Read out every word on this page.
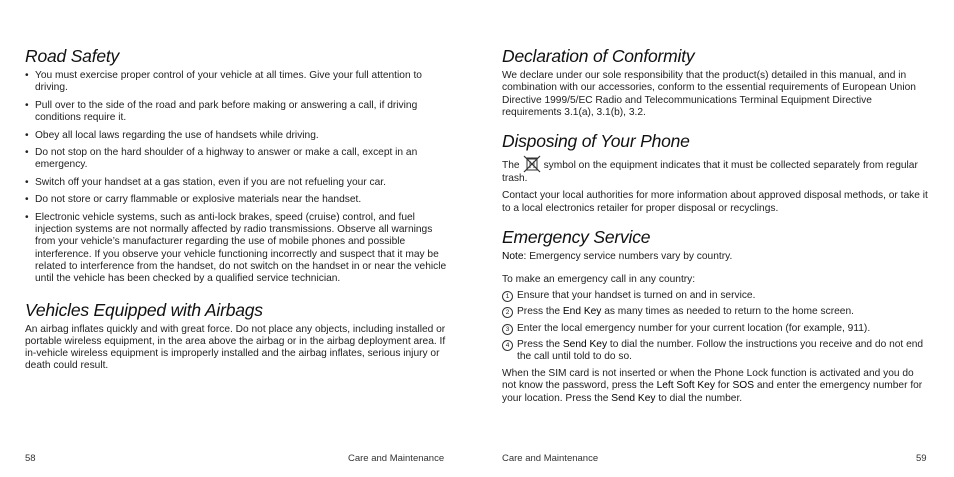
Road Safety
• You must exercise proper control of your vehicle at all times. Give your full attention to driving.
• Pull over to the side of the road and park before making or answering a call, if driving conditions require it.
• Obey all local laws regarding the use of handsets while driving.
• Do not stop on the hard shoulder of a highway to answer or make a call, except in an emergency.
• Switch off your handset at a gas station, even if you are not refueling your car.
• Do not store or carry flammable or explosive materials near the handset.
• Electronic vehicle systems, such as anti-lock brakes, speed (cruise) control, and fuel injection systems are not normally affected by radio transmissions. Observe all warnings from your vehicle’s manufacturer regarding the use of mobile phones and possible interference. If you observe your vehicle functioning incorrectly and suspect that it may be related to interference from the handset, do not switch on the handset in or near the vehicle until the vehicle has been checked by a qualified service technician.
Vehicles Equipped with Airbags

An airbag inflates quickly and with great force. Do not place any objects, including installed or portable wireless equipment, in the area above the airbag or in the airbag deployment area. If in-vehicle wireless equipment is improperly installed and the airbag inflates, serious injury or death could result.

58	Care and Maintenance
Declaration of Conformity

We declare under our sole responsibility that the product(s) detailed in this manual, and in combination with our accessories, conform to the essential requirements of European Union Directive 1999/5/EC Radio and Telecommunications Terminal Equipment Directive requirements 3.1(a), 3.1(b), 3.2.

Disposing of Your Phone

The symbol on the equipment indicates that it must be collected separately from regular trash.

Contact your local authorities for more information about approved disposal methods, or take it to a local electronics retailer for proper disposal or recyclings.

Emergency Service

Note: Emergency service numbers vary by country.

To make an emergency call in any country:

1 Ensure that your handset is turned on and in service.
2 Press the End Key as many times as needed to return to the home screen.
3 Enter the local emergency number for your current location (for example, 911).
4 Press the Send Key to dial the number. Follow the instructions you receive and do not end the call until told to do so.

When the SIM card is not inserted or when the Phone Lock function is activated and you do not know the password, press the Left Soft Key for SOS and enter the emergency number for your location. Press the Send Key to dial the number.

Care and Maintenance	59
